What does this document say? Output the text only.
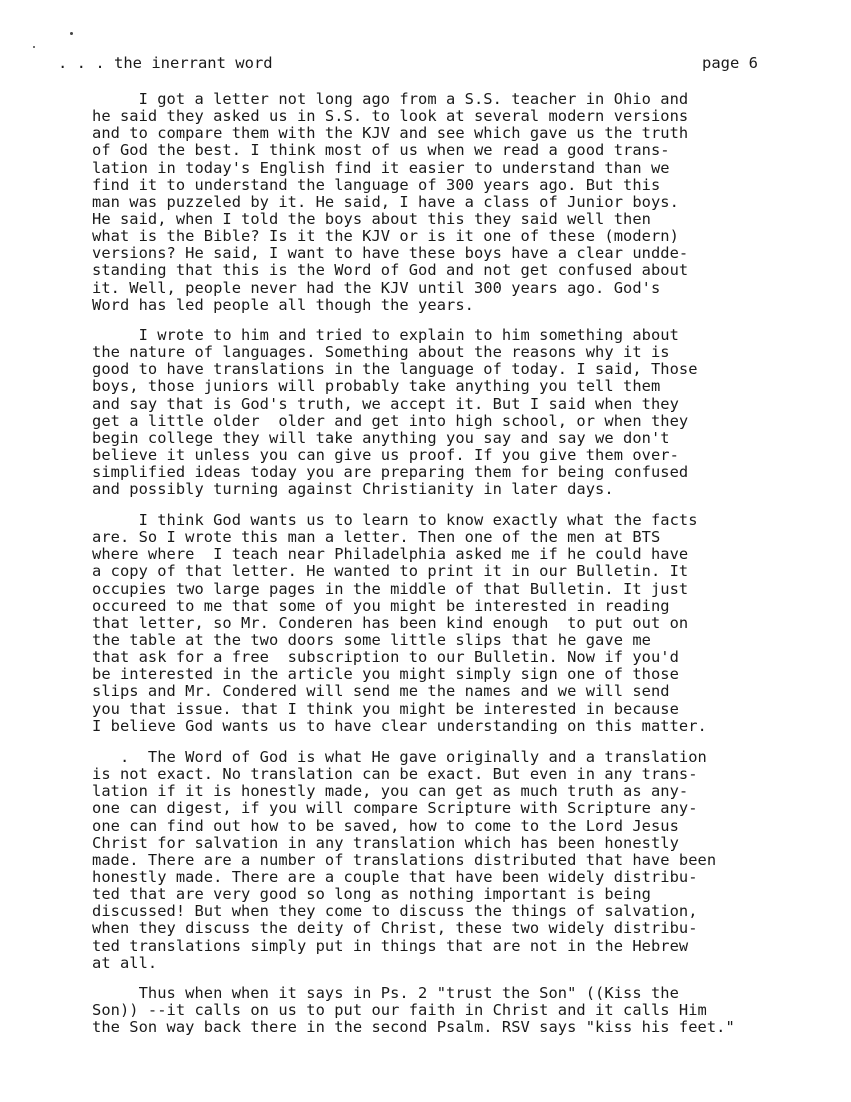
. . . the inerrant word	page 6
I got a letter not long ago from a S.S. teacher in Ohio and
he said they asked us in S.S. to look at several modern versions
and to compare them with the KJV and see which gave us the truth
of God the best. I think most of us when we read a good trans-
lation in today's English find it easier to understand than we
find it to understand the language of 300 years ago. But this
man was puzzeled by it. He said, I have a class of Junior boys.
He said, when I told the boys about this they said well then
what is the Bible? Is it the KJV or is it one of these (modern)
versions? He said, I want to have these boys have a clear undde-
standing that this is the Word of God and not get confused about
it. Well, people never had the KJV until 300 years ago. God's
Word has led people all though the years.
I wrote to him and tried to explain to him something about
the nature of languages. Something about the reasons why it is
good to have translations in the language of today. I said, Those
boys, those juniors will probably take anything you tell them
and say that is God's truth, we accept it. But I said when they
get a little older  older and get into high school, or when they
begin college they will take anything you say and say we don't
believe it unless you can give us proof. If you give them over-
simplified ideas today you are preparing them for being confused
and possibly turning against Christianity in later days.
I think God wants us to learn to know exactly what the facts
are. So I wrote this man a letter. Then one of the men at BTS
where where  I teach near Philadelphia asked me if he could have
a copy of that letter. He wanted to print it in our Bulletin. It
occupies two large pages in the middle of that Bulletin. It just
occureed to me that some of you might be interested in reading
that letter, so Mr. Conderen has been kind enough  to put out on
the table at the two doors some little slips that he gave me
that ask for a free  subscription to our Bulletin. Now if you'd
be interested in the article you might simply sign one of those
slips and Mr. Condered will send me the names and we will send
you that issue. that I think you might be interested in because
I believe God wants us to have clear understanding on this matter.
.  The Word of God is what He gave originally and a translation
is not exact. No translation can be exact. But even in any trans-
lation if it is honestly made, you can get as much truth as any-
one can digest, if you will compare Scripture with Scripture any-
one can find out how to be saved, how to come to the Lord Jesus
Christ for salvation in any translation which has been honestly
made. There are a number of translations distributed that have been
honestly made. There are a couple that have been widely distribu-
ted that are very good so long as nothing important is being
discussed! But when they come to discuss the things of salvation,
when they discuss the deity of Christ, these two widely distribu-
ted translations simply put in things that are not in the Hebrew
at all.
Thus when when it says in Ps. 2 "trust the Son" ((Kiss the
Son)) --it calls on us to put our faith in Christ and it calls Him
the Son way back there in the second Psalm. RSV says "kiss his feet."
